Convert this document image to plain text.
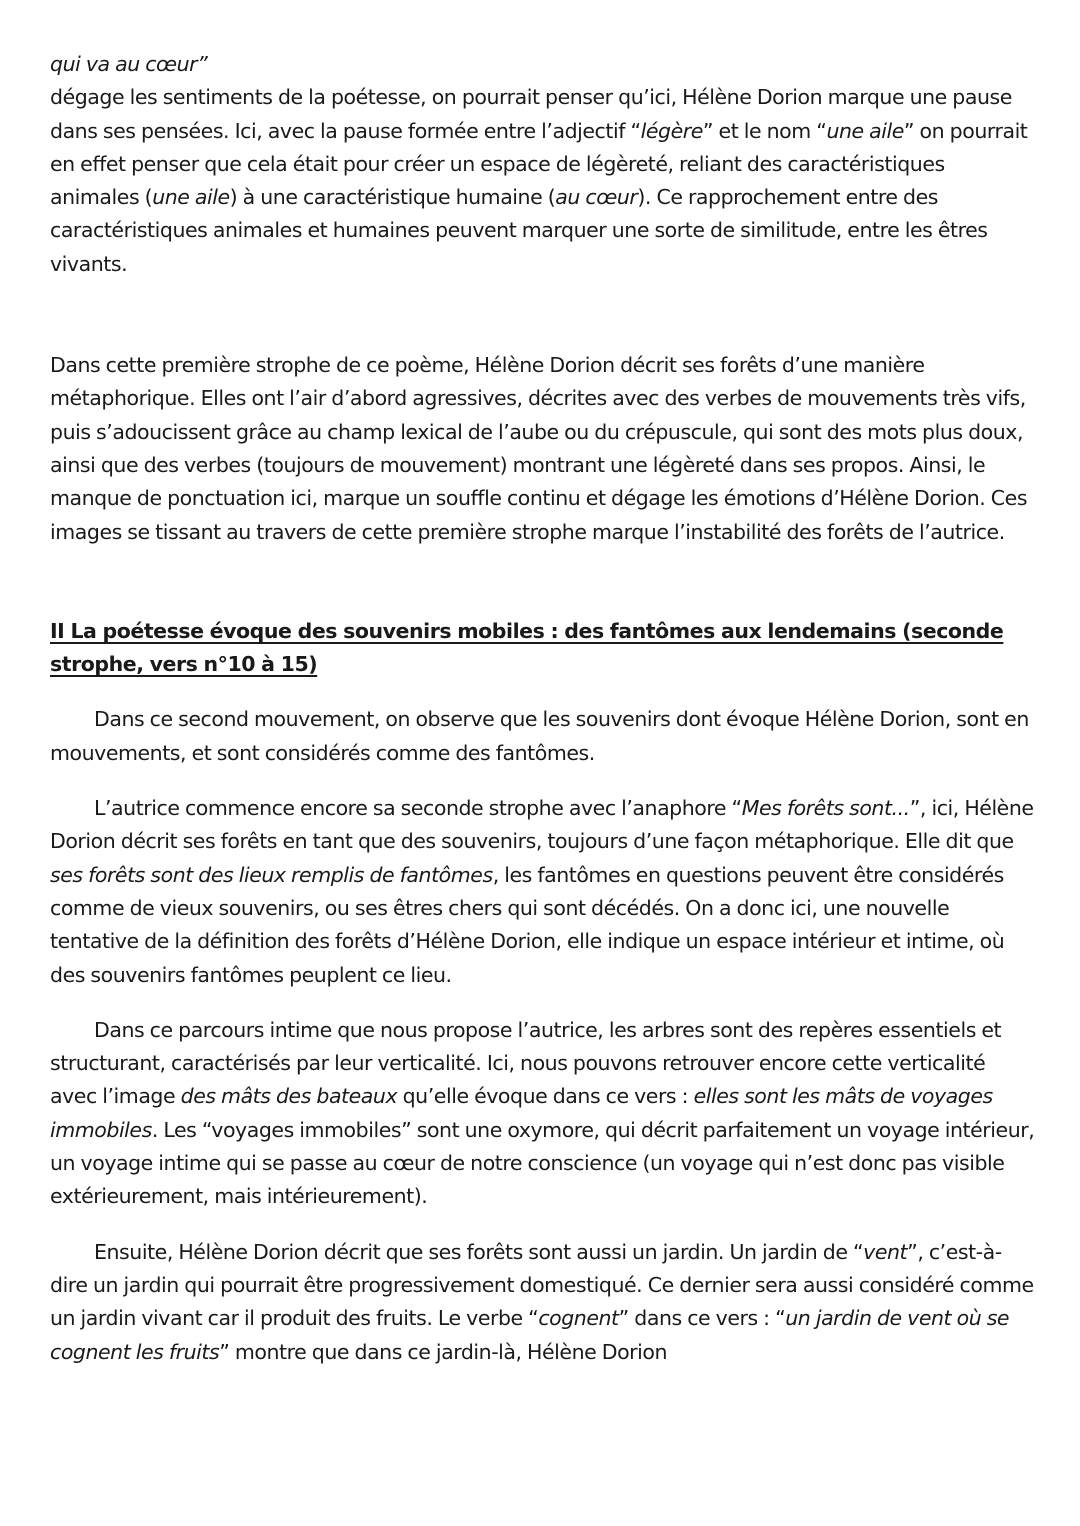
qui va au cœur”
dégage les sentiments de la poétesse, on pourrait penser qu’ici, Hélène Dorion marque une pause dans ses pensées. Ici, avec la pause formée entre l’adjectif “légère” et le nom “une aile” on pourrait en effet penser que cela était pour créer un espace de légèreté, reliant des caractéristiques animales (une aile) à une caractéristique humaine (au cœur). Ce rapprochement entre des caractéristiques animales et humaines peuvent marquer une sorte de similitude, entre les êtres vivants.

Dans cette première strophe de ce poème, Hélène Dorion décrit ses forêts d’une manière métaphorique. Elles ont l’air d’abord agressives, décrites avec des verbes de mouvements très vifs, puis s’adoucissent grâce au champ lexical de l’aube ou du crépuscule, qui sont des mots plus doux, ainsi que des verbes (toujours de mouvement) montrant une légèreté dans ses propos. Ainsi, le manque de ponctuation ici, marque un souffle continu et dégage les émotions d’Hélène Dorion. Ces images se tissant au travers de cette première strophe marque l’instabilité des forêts de l’autrice.

II La poétesse évoque des souvenirs mobiles : des fantômes aux lendemains (seconde strophe, vers n°10 à 15)

Dans ce second mouvement, on observe que les souvenirs dont évoque Hélène Dorion, sont en mouvements, et sont considérés comme des fantômes.

L’autrice commence encore sa seconde strophe avec l’anaphore “Mes forêts sont...”, ici, Hélène Dorion décrit ses forêts en tant que des souvenirs, toujours d’une façon métaphorique. Elle dit que ses forêts sont des lieux remplis de fantômes, les fantômes en questions peuvent être considérés comme de vieux souvenirs, ou ses êtres chers qui sont décédés. On a donc ici, une nouvelle tentative de la définition des forêts d’Hélène Dorion, elle indique un espace intérieur et intime, où des souvenirs fantômes peuplent ce lieu.

Dans ce parcours intime que nous propose l’autrice, les arbres sont des repères essentiels et structurant, caractérisés par leur verticalité. Ici, nous pouvons retrouver encore cette verticalité avec l’image des mâts des bateaux qu’elle évoque dans ce vers : elles sont les mâts de voyages immobiles. Les “voyages immobiles” sont une oxymore, qui décrit parfaitement un voyage intérieur, un voyage intime qui se passe au cœur de notre conscience (un voyage qui n’est donc pas visible extérieurement, mais intérieurement).

Ensuite, Hélène Dorion décrit que ses forêts sont aussi un jardin. Un jardin de “vent”, c’est-à-dire un jardin qui pourrait être progressivement domestiqué. Ce dernier sera aussi considéré comme un jardin vivant car il produit des fruits. Le verbe “cognent” dans ce vers : “un jardin de vent où se cognent les fruits” montre que dans ce jardin-là, Hélène Dorion
